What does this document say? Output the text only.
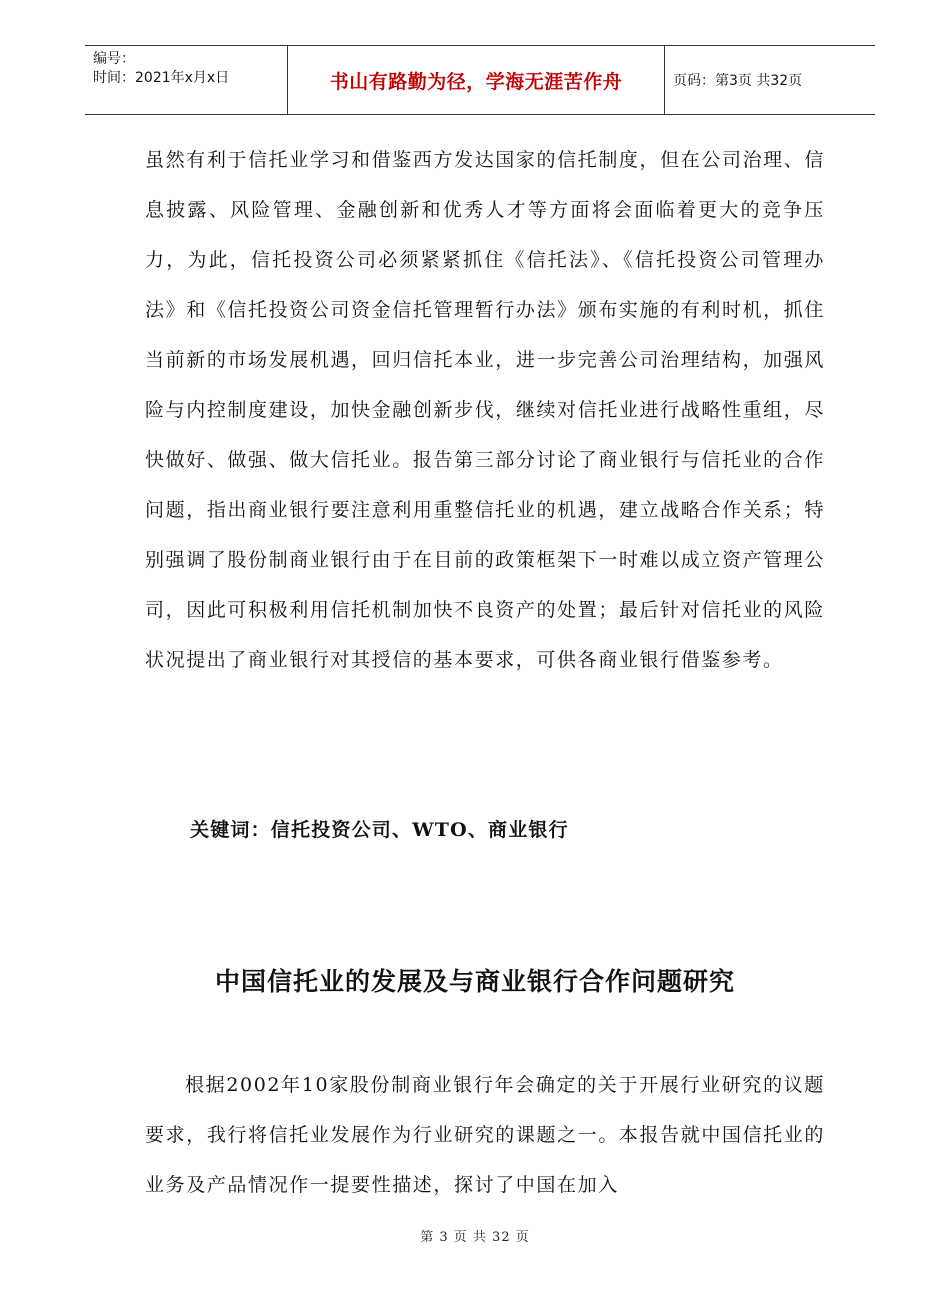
编号：
时间：2021年x月x日	书山有路勤为径，学海无涯苦作舟	页码：第3页 共32页

虽然有利于信托业学习和借鉴西方发达国家的信托制度，但在公司治理、信息披露、风险管理、金融创新和优秀人才等方面将会面临着更大的竞争压力，为此，信托投资公司必须紧紧抓住《信托法》、《信托投资公司管理办法》和《信托投资公司资金信托管理暂行办法》颁布实施的有利时机，抓住当前新的市场发展机遇，回归信托本业，进一步完善公司治理结构，加强风险与内控制度建设，加快金融创新步伐，继续对信托业进行战略性重组，尽快做好、做强、做大信托业。报告第三部分讨论了商业银行与信托业的合作问题，指出商业银行要注意利用重整信托业的机遇，建立战略合作关系；特别强调了股份制商业银行由于在目前的政策框架下一时难以成立资产管理公司，因此可积极利用信托机制加快不良资产的处置；最后针对信托业的风险状况提出了商业银行对其授信的基本要求，可供各商业银行借鉴参考。

关键词：信托投资公司、WTO、商业银行
中国信托业的发展及与商业银行合作问题研究

根据2002年10家股份制商业银行年会确定的关于开展行业研究的议题要求，我行将信托业发展作为行业研究的课题之一。本报告就中国信托业的业务及产品情况作一提要性描述，探讨了中国在加入

第 3 页 共 32 页
